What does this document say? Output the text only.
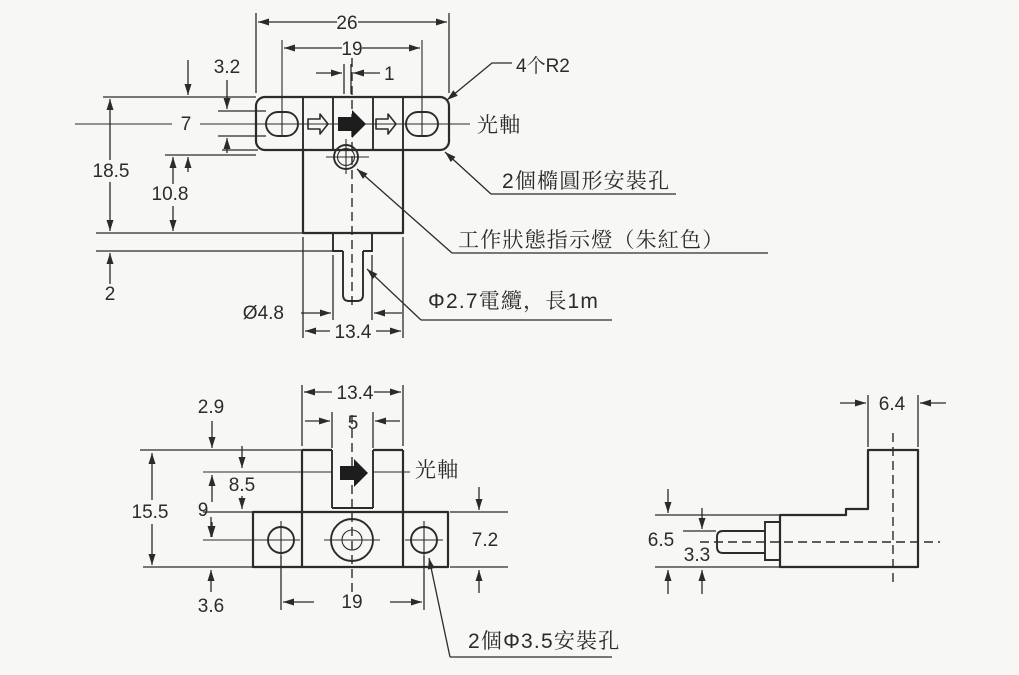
26
19
1
3.2
7
18.5
10.8
2
Ø4.8
13.4
4个R2
光軸
2個橢圓形安裝孔
工作狀態指示燈（朱紅色）
Φ2.7電纜，長1m
13.4
5
2.9
8.5
9
15.5
3.6
7.2
19
光軸
2個Φ3.5安裝孔
6.4
6.5
3.3
